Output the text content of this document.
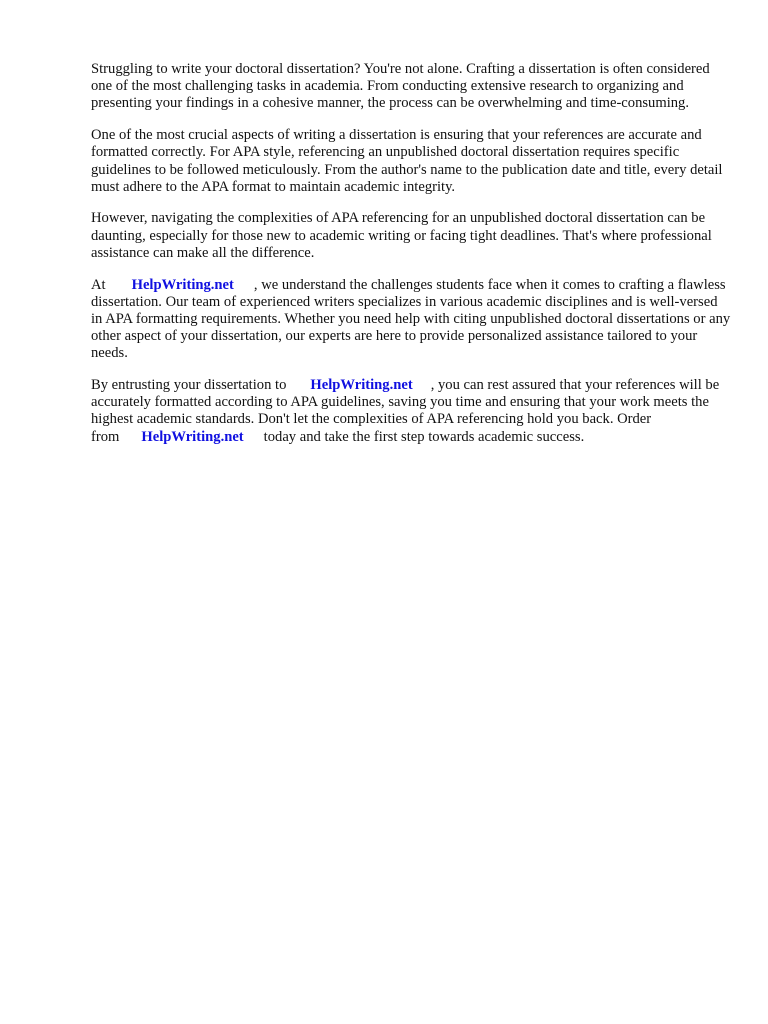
Struggling to write your doctoral dissertation? You're not alone. Crafting a dissertation is often considered one of the most challenging tasks in academia. From conducting extensive research to organizing and presenting your findings in a cohesive manner, the process can be overwhelming and time-consuming.

One of the most crucial aspects of writing a dissertation is ensuring that your references are accurate and formatted correctly. For APA style, referencing an unpublished doctoral dissertation requires specific guidelines to be followed meticulously. From the author's name to the publication date and title, every detail must adhere to the APA format to maintain academic integrity.

However, navigating the complexities of APA referencing for an unpublished doctoral dissertation can be daunting, especially for those new to academic writing or facing tight deadlines. That's where professional assistance can make all the difference.

At HelpWriting.net , we understand the challenges students face when it comes to crafting a flawless dissertation. Our team of experienced writers specializes in various academic disciplines and is well-versed in APA formatting requirements. Whether you need help with citing unpublished doctoral dissertations or any other aspect of your dissertation, our experts are here to provide personalized assistance tailored to your needs.

By entrusting your dissertation to HelpWriting.net , you can rest assured that your references will be accurately formatted according to APA guidelines, saving you time and ensuring that your work meets the highest academic standards. Don't let the complexities of APA referencing hold you back. Order from HelpWriting.net today and take the first step towards academic success.
